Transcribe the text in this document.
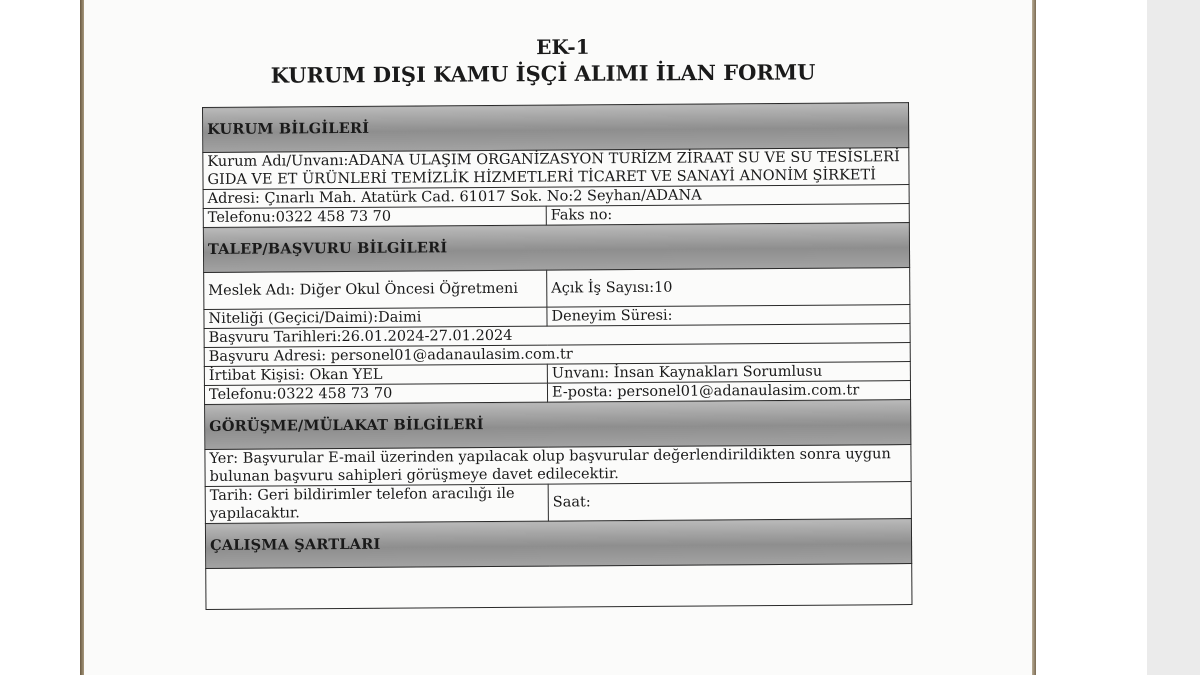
EK-1
KURUM DIŞI KAMU İŞÇİ ALIMI İLAN FORMU
KURUM BİLGİLERİ	
Kurum Adı/Unvanı:ADANA ULAŞIM ORGANİZASYON TURİZM ZİRAAT SU VE SU TESİSLERİ GIDA VE ET ÜRÜNLERİ TEMİZLİK HİZMETLERİ TİCARET VE SANAYİ ANONİM ŞİRKETİ	
Adresi: Çınarlı Mah. Atatürk Cad. 61017 Sok. No:2 Seyhan/ADANA	
Telefonu:0322 458 73 70	Faks no:
TALEP/BAŞVURU BİLGİLERİ	
Meslek Adı: Diğer Okul Öncesi Öğretmeni	Açık İş Sayısı:10
Niteliği (Geçici/Daimi):Daimi	Deneyim Süresi:
Başvuru Tarihleri:26.01.2024-27.01.2024	
Başvuru Adresi: personel01@adanaulasim.com.tr	
İrtibat Kişisi: Okan YEL	Unvanı: İnsan Kaynakları Sorumlusu
Telefonu:0322 458 73 70	E-posta: personel01@adanaulasim.com.tr
GÖRÜŞME/MÜLAKAT BİLGİLERİ	
Yer: Başvurular E-mail üzerinden yapılacak olup başvurular değerlendirildikten sonra uygun bulunan başvuru sahipleri görüşmeye davet edilecektir.	
Tarih: Geri bildirimler telefon aracılığı ile yapılacaktır.	Saat:
ÇALIŞMA ŞARTLARI	
